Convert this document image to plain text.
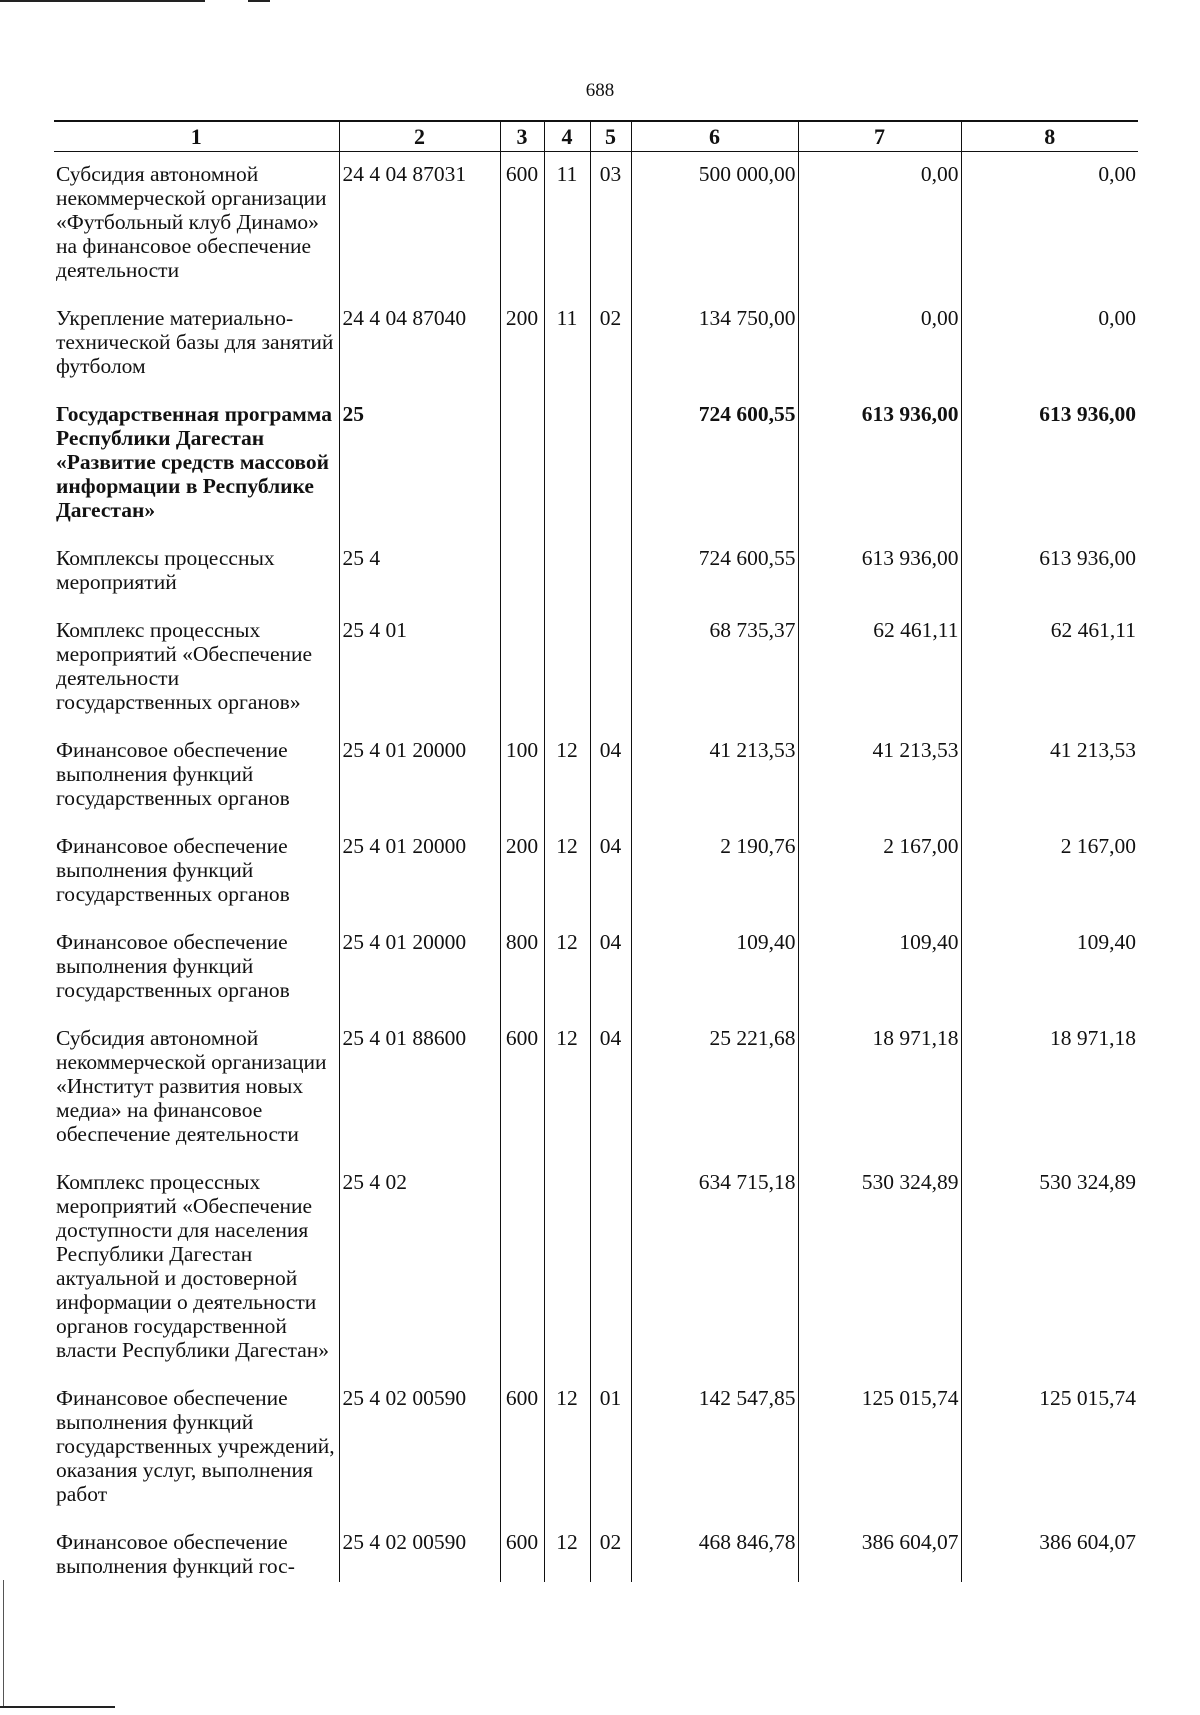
688
1	2	3	4	5	6	7	8
Субсидия автономной некоммерческой организации «Футбольный клуб Динамо» на финансовое обеспечение деятельности	24 4 04 87031	600	11	03	500 000,00	0,00	0,00
Укрепление материально-технической базы для занятий футболом	24 4 04 87040	200	11	02	134 750,00	0,00	0,00
Государственная программа Республики Дагестан «Развитие средств массовой информации в Республике Дагестан»	25				724 600,55	613 936,00	613 936,00
Комплексы процессных мероприятий	25 4				724 600,55	613 936,00	613 936,00
Комплекс процессных мероприятий «Обеспечение деятельности государственных органов»	25 4 01				68 735,37	62 461,11	62 461,11
Финансовое обеспечение выполнения функций государственных органов	25 4 01 20000	100	12	04	41 213,53	41 213,53	41 213,53
Финансовое обеспечение выполнения функций государственных органов	25 4 01 20000	200	12	04	2 190,76	2 167,00	2 167,00
Финансовое обеспечение выполнения функций государственных органов	25 4 01 20000	800	12	04	109,40	109,40	109,40
Субсидия автономной некоммерческой организации «Институт развития новых медиа» на финансовое обеспечение деятельности	25 4 01 88600	600	12	04	25 221,68	18 971,18	18 971,18
Комплекс процессных мероприятий «Обеспечение доступности для населения Республики Дагестан актуальной и достоверной информации о деятельности органов государственной власти Республики Дагестан»	25 4 02				634 715,18	530 324,89	530 324,89
Финансовое обеспечение выполнения функций государственных учреждений, оказания услуг, выполнения работ	25 4 02 00590	600	12	01	142 547,85	125 015,74	125 015,74
Финансовое обеспечение выполнения функций гос-	25 4 02 00590	600	12	02	468 846,78	386 604,07	386 604,07
